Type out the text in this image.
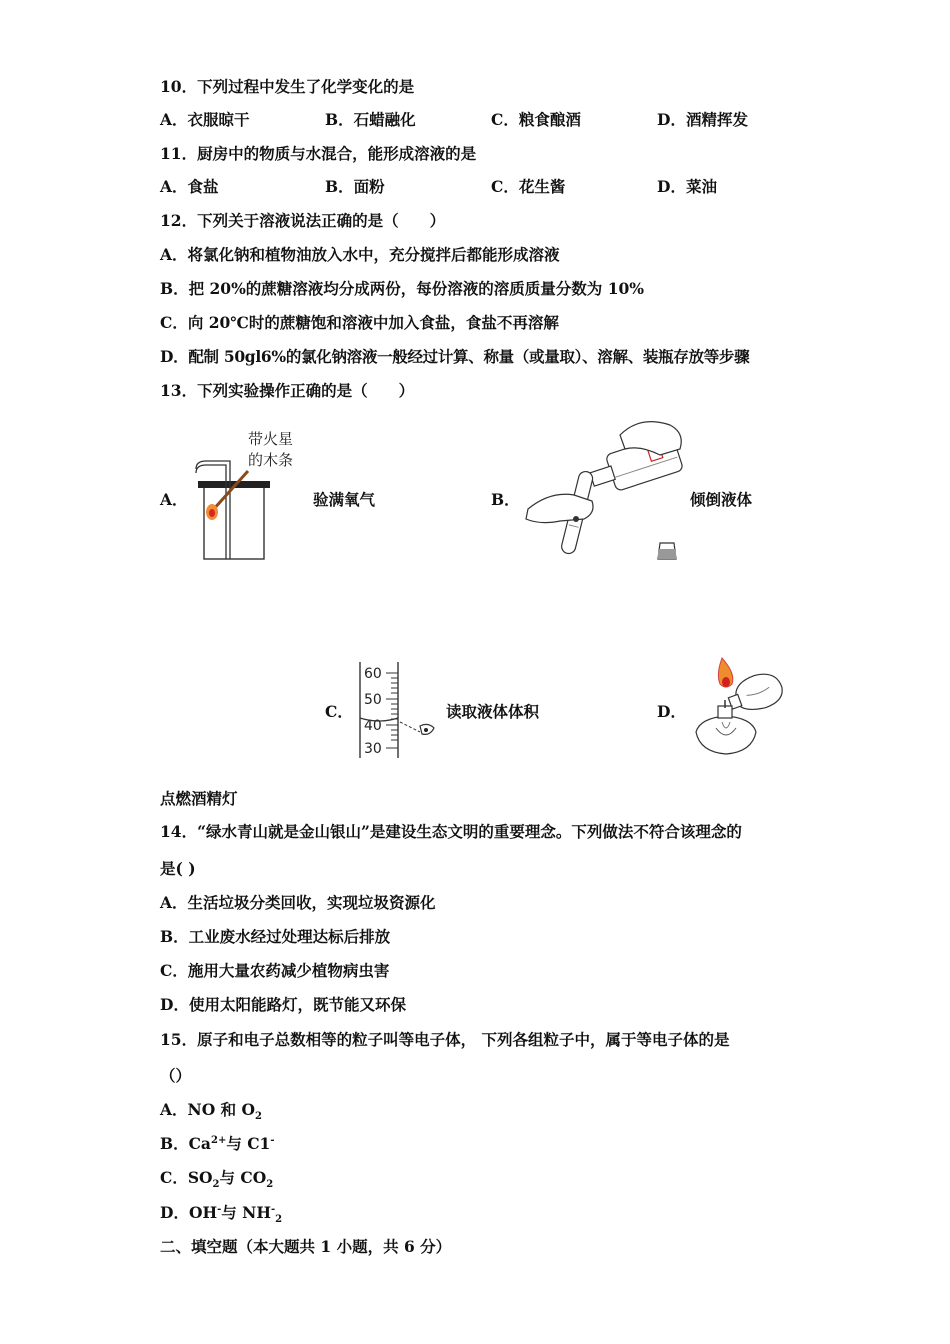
10．下列过程中发生了化学变化的是
A．衣服晾干	B．石蜡融化	C．粮食酿酒	D．酒精挥发
11．厨房中的物质与水混合，能形成溶液的是
A．食盐	B．面粉	C．花生酱	D．菜油
12．下列关于溶液说法正确的是（　　）
A．将氯化钠和植物油放入水中，充分搅拌后都能形成溶液
B．把 20%的蔗糖溶液均分成两份，每份溶液的溶质质量分数为 10%
C．向 20℃时的蔗糖饱和溶液中加入食盐，食盐不再溶解
D．配制 50gl6%的氯化钠溶液一般经过计算、称量（或量取）、溶解、装瓶存放等步骤
13．下列实验操作正确的是（　　）
A．
带火星
的木条
验满氧气	B．	倾倒液体
C．
60
50
40
30
读取液体体积	D．
点燃酒精灯
14．“绿水青山就是金山银山”是建设生态文明的重要理念。下列做法不符合该理念的
是( )
A．生活垃圾分类回收，实现垃圾资源化
B．工业废水经过处理达标后排放
C．施用大量农药减少植物病虫害
D．使用太阳能路灯，既节能又环保
15．原子和电子总数相等的粒子叫等电子体， 下列各组粒子中，属于等电子体的是
（）
A．NO 和 $O_2$
B．$Ca^{2+}$与 C1-
C．$SO_2$与 $CO_2$
D．OH-与 $NH^-_2$
二、填空题（本大题共 1 小题，共 6 分）
